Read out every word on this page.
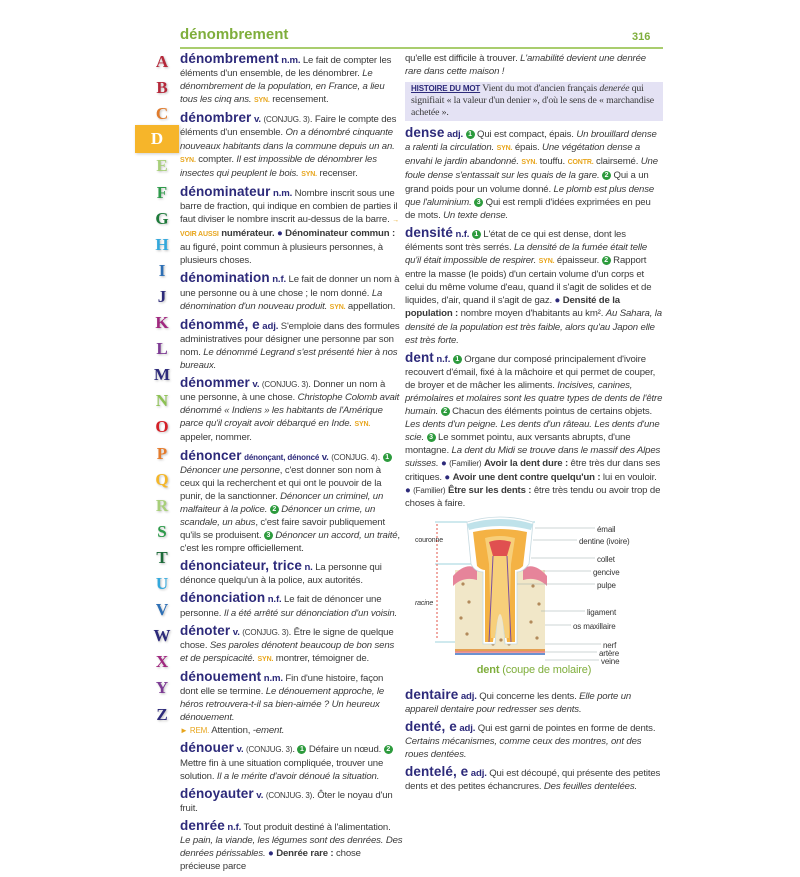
dénombrement	316
A
B
C
D
E
F
G
H
I
J
K
L
M
N
O
P
Q
R
S
T
U
V
W
X
Y
Z

dénombrement n.m. Le fait de compter les éléments d'un ensemble, de les dénombrer. Le dénombrement de la population, en France, a lieu tous les cinq ans. SYN. recensement.

dénombrer v. (CONJUG. 3). Faire le compte des éléments d'un ensemble. On a dénombré cinquante nouveaux habitants dans la commune depuis un an. SYN. compter. Il est impossible de dénombrer les insectes qui peuplent le bois. SYN. recenser.

dénominateur n.m. Nombre inscrit sous une barre de fraction, qui indique en combien de parties il faut diviser le nombre inscrit au-dessus de la barre. → VOIR AUSSI numérateur. ● Dénominateur commun : au figuré, point commun à plusieurs personnes, à plusieurs choses.

dénomination n.f. Le fait de donner un nom à une personne ou à une chose ; le nom donné. La dénomination d'un nouveau produit. SYN. appellation.

dénommé, e adj. S'emploie dans des formules administratives pour désigner une personne par son nom. Le dénommé Legrand s'est présenté hier à nos bureaux.

dénommer v. (CONJUG. 3). Donner un nom à une personne, à une chose. Christophe Colomb avait dénommé « Indiens » les habitants de l'Amérique parce qu'il croyait avoir débarqué en Inde. SYN. appeler, nommer.

dénoncer dénonçant, dénoncé v. (CONJUG. 4). 1 Dénoncer une personne, c'est donner son nom à ceux qui la recherchent et qui ont le pouvoir de la punir, de la sanctionner. Dénoncer un criminel, un malfaiteur à la police. 2 Dénoncer un crime, un scandale, un abus, c'est faire savoir publiquement qu'ils se produisent. 3 Dénoncer un accord, un traité, c'est les rompre officiellement.

dénonciateur, trice n. La personne qui dénonce quelqu'un à la police, aux autorités.

dénonciation n.f. Le fait de dénoncer une personne. Il a été arrêté sur dénonciation d'un voisin.

dénoter v. (CONJUG. 3). Être le signe de quelque chose. Ses paroles dénotent beaucoup de bon sens et de perspicacité. SYN. montrer, témoigner de.

dénouement n.m. Fin d'une histoire, façon dont elle se termine. Le dénouement approche, le héros retrouvera-t-il sa bien-aimée ? Un heureux dénouement.
► REM. Attention, -ement.

dénouer v. (CONJUG. 3). 1 Défaire un nœud. 2 Mettre fin à une situation compliquée, trouver une solution. Il a le mérite d'avoir dénoué la situation.

dénoyauter v. (CONJUG. 3). Ôter le noyau d'un fruit.

denrée n.f. Tout produit destiné à l'alimentation. Le pain, la viande, les légumes sont des denrées. Des denrées périssables. ● Denrée rare : chose précieuse parce

qu'elle est difficile à trouver. L'amabilité devient une denrée rare dans cette maison !

HISTOIRE DU MOT Vient du mot d'ancien français denerée qui signifiait « la valeur d'un denier », d'où le sens de « marchandise achetée ».

dense adj. 1 Qui est compact, épais. Un brouillard dense a ralenti la circulation. SYN. épais. Une végétation dense a envahi le jardin abandonné. SYN. touffu. CONTR. clairsemé. Une foule dense s'entassait sur les quais de la gare. 2 Qui a un grand poids pour un volume donné. Le plomb est plus dense que l'aluminium. 3 Qui est rempli d'idées exprimées en peu de mots. Un texte dense.

densité n.f. 1 L'état de ce qui est dense, dont les éléments sont très serrés. La densité de la fumée était telle qu'il était impossible de respirer. SYN. épaisseur. 2 Rapport entre la masse (le poids) d'un certain volume d'un corps et celui du même volume d'eau, quand il s'agit de solides et de liquides, d'air, quand il s'agit de gaz. ● Densité de la population : nombre moyen d'habitants au km². Au Sahara, la densité de la population est très faible, alors qu'au Japon elle est très forte.

dent n.f. 1 Organe dur composé principalement d'ivoire recouvert d'émail, fixé à la mâchoire et qui permet de couper, de broyer et de mâcher les aliments. Incisives, canines, prémolaires et molaires sont les quatre types de dents de l'être humain. 2 Chacun des éléments pointus de certains objets. Les dents d'un peigne. Les dents d'un râteau. Les dents d'une scie. 3 Le sommet pointu, aux versants abrupts, d'une montagne. La dent du Midi se trouve dans le massif des Alpes suisses. ● (Familier) Avoir la dent dure : être très dur dans ses critiques. ● Avoir une dent contre quelqu'un : lui en vouloir. ● (Familier) Être sur les dents : être très tendu ou avoir trop de choses à faire.

couronne
racine
émail
dentine (ivoire)
collet
gencive
pulpe
ligament
os maxillaire
nerf
artère
veine
dent (coupe de molaire)

dentaire adj. Qui concerne les dents. Elle porte un appareil dentaire pour redresser ses dents.

denté, e adj. Qui est garni de pointes en forme de dents. Certains mécanismes, comme ceux des montres, ont des roues dentées.

dentelé, e adj. Qui est découpé, qui présente des petites dents et des petites échancrures. Des feuilles dentelées.
